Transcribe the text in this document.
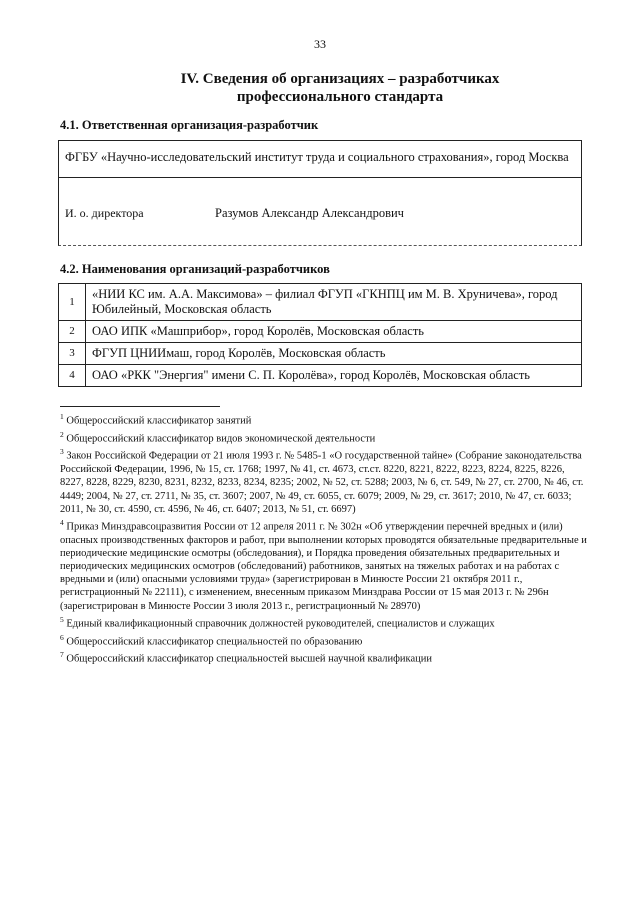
33
IV. Сведения об организациях – разработчиках
профессионального стандарта
4.1. Ответственная организация-разработчик
ФГБУ «Научно-исследовательский институт труда и социального страхования», город Москва
И. о. директора	Разумов Александр Александрович
4.2. Наименования организаций-разработчиков
1	«НИИ КС им. А.А. Максимова» – филиал ФГУП «ГКНПЦ им М. В. Хруничева», город Юбилейный, Московская область
2	ОАО ИПК «Машприбор», город Королёв, Московская область
3	ФГУП ЦНИИмаш, город Королёв, Московская область
4	ОАО «РКК "Энергия" имени С. П. Королёва», город Королёв, Московская область

$^1$ Общероссийский классификатор занятий

$^2$ Общероссийский классификатор видов экономической деятельности

$^3$ Закон Российской Федерации от 21 июля 1993 г. № 5485-1 «О государственной тайне» (Собрание законодательства Российской Федерации, 1996, № 15, ст. 1768; 1997, № 41, ст. 4673, ст.ст. 8220, 8221, 8222, 8223, 8224, 8225, 8226, 8227, 8228, 8229, 8230, 8231, 8232, 8233, 8234, 8235; 2002, № 52, ст. 5288; 2003, № 6, ст. 549, № 27, ст. 2700, № 46, ст. 4449; 2004, № 27, ст. 2711, № 35, ст. 3607; 2007, № 49, ст. 6055, ст. 6079; 2009, № 29, ст. 3617; 2010, № 47, ст. 6033; 2011, № 30, ст. 4590, ст. 4596, № 46, ст. 6407; 2013, № 51, ст. 6697)

$^4$ Приказ Минздравсоцразвития России от 12 апреля 2011 г. № 302н «Об утверждении перечней вредных и (или) опасных производственных факторов и работ, при выполнении которых проводятся обязательные предварительные и периодические медицинские осмотры (обследования), и Порядка проведения обязательных предварительных и периодических медицинских осмотров (обследований) работников, занятых на тяжелых работах и на работах с вредными и (или) опасными условиями труда» (зарегистрирован в Минюсте России 21 октября 2011 г., регистрационный № 22111), с изменением, внесенным приказом Минздрава России от 15 мая 2013 г. № 296н (зарегистрирован в Минюсте России 3 июля 2013 г., регистрационный № 28970)

$^5$ Единый квалификационный справочник должностей руководителей, специалистов и служащих

$^6$ Общероссийский классификатор специальностей по образованию

$^7$ Общероссийский классификатор специальностей высшей научной квалификации
